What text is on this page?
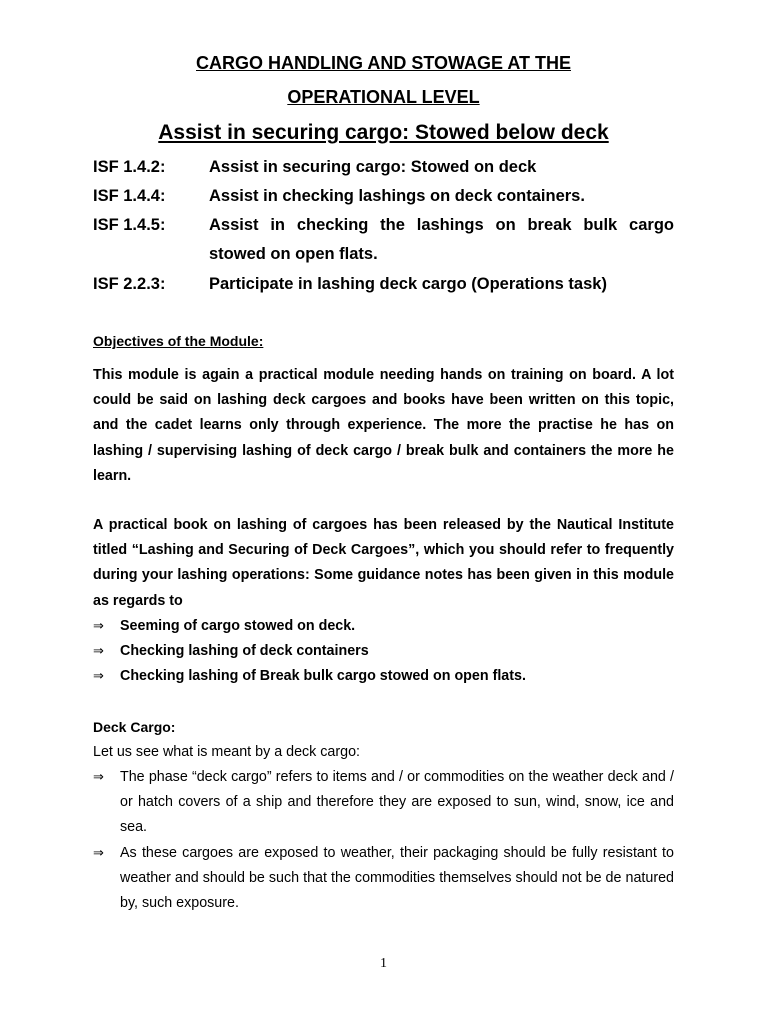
CARGO HANDLING AND STOWAGE AT THE
OPERATIONAL LEVEL
Assist in securing cargo: Stowed below deck
ISF 1.4.2:	Assist in securing cargo: Stowed on deck
ISF 1.4.4:	Assist in checking lashings on deck containers.
ISF 1.4.5:	Assist in checking the lashings on break bulk cargo stowed on open flats.
ISF 2.2.3:	Participate in lashing deck cargo (Operations task)
Objectives of the Module:
This module is again a practical module needing hands on training on board. A lot could be said on lashing deck cargoes and books have been written on this topic, and the cadet learns only through experience. The more the practise he has on lashing / supervising lashing of deck cargo / break bulk and containers the more he learn.
A practical book on lashing of cargoes has been released by the Nautical Institute titled “Lashing and Securing of Deck Cargoes”, which you should refer to frequently during your lashing operations: Some guidance notes has been given in this module as regards to
⇒	Seeming of cargo stowed on deck.
⇒	Checking lashing of deck containers
⇒	Checking lashing of Break bulk cargo stowed on open flats.
Deck Cargo:
Let us see what is meant by a deck cargo:
⇒	The phase “deck cargo” refers to items and / or commodities on the weather deck and / or hatch covers of a ship and therefore they are exposed to sun, wind, snow, ice and sea.
⇒	As these cargoes are exposed to weather, their packaging should be fully resistant to weather and should be such that the commodities themselves should not be de natured by, such exposure.
1
